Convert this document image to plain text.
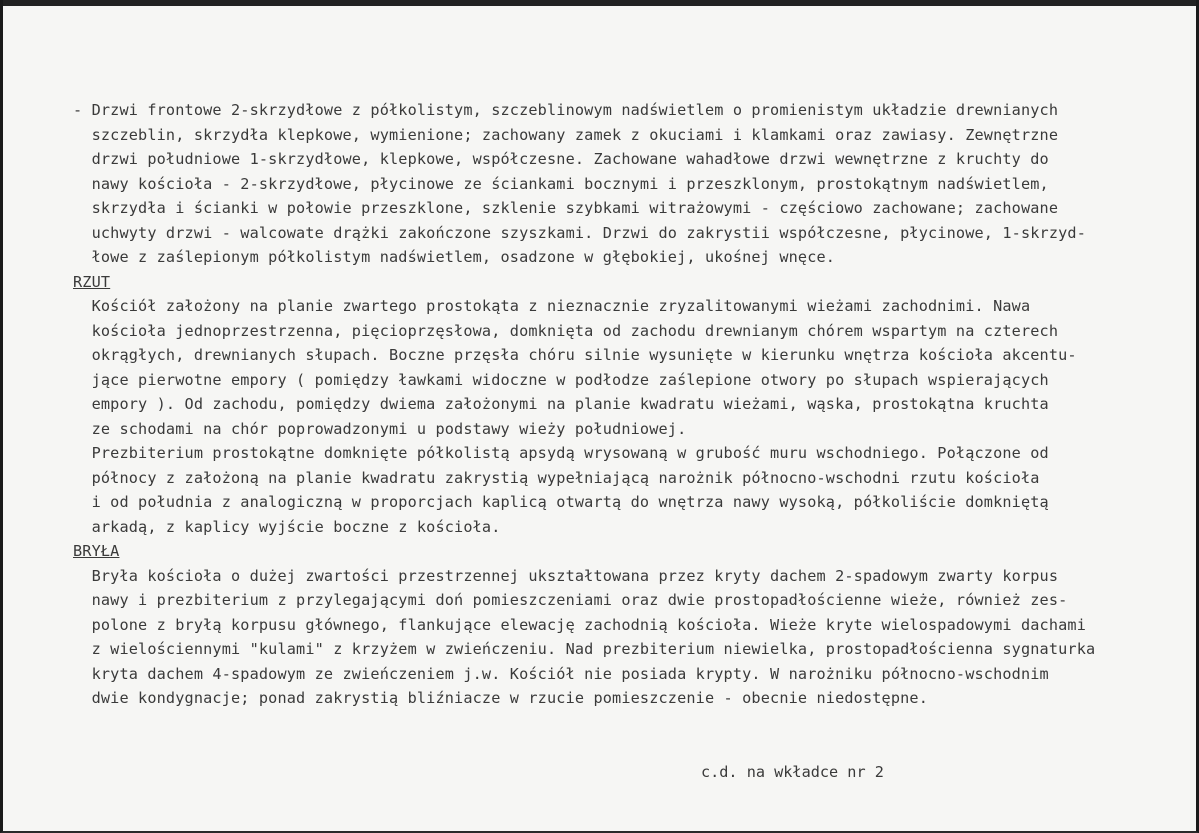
- Drzwi frontowe 2-skrzydłowe z półkolistym, szczeblinowym nadświetlem o promienistym układzie drewnianych
szczeblin, skrzydła klepkowe, wymienione; zachowany zamek z okuciami i klamkami oraz zawiasy. Zewnętrzne
drzwi południowe 1-skrzydłowe, klepkowe, współczesne. Zachowane wahadłowe drzwi wewnętrzne z kruchty do
nawy kościoła - 2-skrzydłowe, płycinowe ze ściankami bocznymi i przeszklonym, prostokątnym nadświetlem,
skrzydła i ścianki w połowie przeszklone, szklenie szybkami witrażowymi - częściowo zachowane; zachowane
uchwyty drzwi - walcowate drążki zakończone szyszkami. Drzwi do zakrystii współczesne, płycinowe, 1-skrzyd-
łowe z zaślepionym półkolistym nadświetlem, osadzone w głębokiej, ukośnej wnęce.
RZUT
Kościół założony na planie zwartego prostokąta z nieznacznie zryzalitowanymi wieżami zachodnimi. Nawa
kościoła jednoprzestrzenna, pięcioprzęsłowa, domknięta od zachodu drewnianym chórem wspartym na czterech
okrągłych, drewnianych słupach. Boczne przęsła chóru silnie wysunięte w kierunku wnętrza kościoła akcentu-
jące pierwotne empory ( pomiędzy ławkami widoczne w podłodze zaślepione otwory po słupach wspierających
empory ). Od zachodu, pomiędzy dwiema założonymi na planie kwadratu wieżami, wąska, prostokątna kruchta
ze schodami na chór poprowadzonymi u podstawy wieży południowej.
Prezbiterium prostokątne domknięte półkolistą apsydą wrysowaną w grubość muru wschodniego. Połączone od
północy z założoną na planie kwadratu zakrystią wypełniającą narożnik północno-wschodni rzutu kościoła
i od południa z analogiczną w proporcjach kaplicą otwartą do wnętrza nawy wysoką, półkoliście domkniętą
arkadą, z kaplicy wyjście boczne z kościoła.
BRYŁA
Bryła kościoła o dużej zwartości przestrzennej ukształtowana przez kryty dachem 2-spadowym zwarty korpus
nawy i prezbiterium z przylegającymi doń pomieszczeniami oraz dwie prostopadłościenne wieże, również zes-
polone z bryłą korpusu głównego, flankujące elewację zachodnią kościoła. Wieże kryte wielospadowymi dachami
z wielościennymi "kulami" z krzyżem w zwieńczeniu. Nad prezbiterium niewielka, prostopadłościenna sygnaturka
kryta dachem 4-spadowym ze zwieńczeniem j.w. Kościół nie posiada krypty. W narożniku północno-wschodnim
dwie kondygnacje; ponad zakrystią bliźniacze w rzucie pomieszczenie - obecnie niedostępne.
c.d. na wkładce nr 2
